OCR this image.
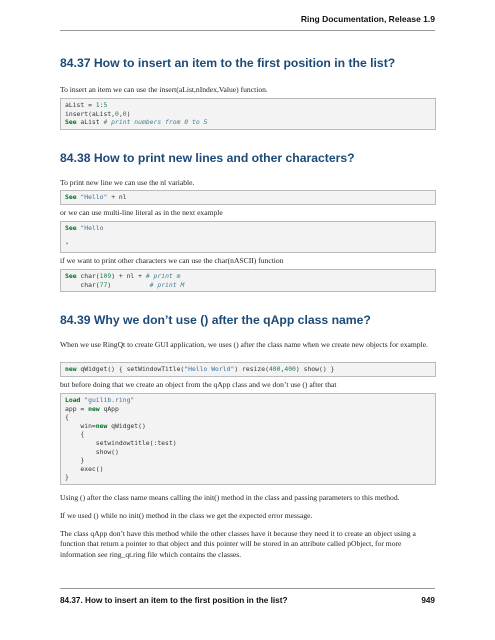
Ring Documentation, Release 1.9
84.37 How to insert an item to the first position in the list?
To insert an item we can use the insert(aList,nIndex,Value) function.
aList = 1:5
insert(aList,0,0)
See aList # print numbers from 0 to 5
84.38 How to print new lines and other characters?
To print new line we can use the nl variable.
See "Hello" + nl
or we can use multi-line literal as in the next example
See "Hello
"
if we want to print other characters we can use the char(nASCII) function
See char(109) + nl + # print m
char(77)          # print M
84.39 Why we don’t use () after the qApp class name?
When we use RingQt to create GUI application, we uses () after the class name when we create new objects for example.
new qWidget() { setWindowTitle("Hello World") resize(400,400) show() }
but before doing that we create an object from the qApp class and we don’t use () after that
Load "guilib.ring"
app = new qApp
{
win=new qWidget()
{
setwindowtitle(:test)
show()
}
exec()
}
Using () after the class name means calling the init() method in the class and passing parameters to this method.
If we used () while no init() method in the class we get the expected error message.
The class qApp don’t have this method while the other classes have it because they need it to create an object using a function that return a pointer to that object and this pointer will be stored in an attribute called pObject, for more information see ring_qt.ring file which contains the classes.
84.37. How to insert an item to the first position in the list?	949
